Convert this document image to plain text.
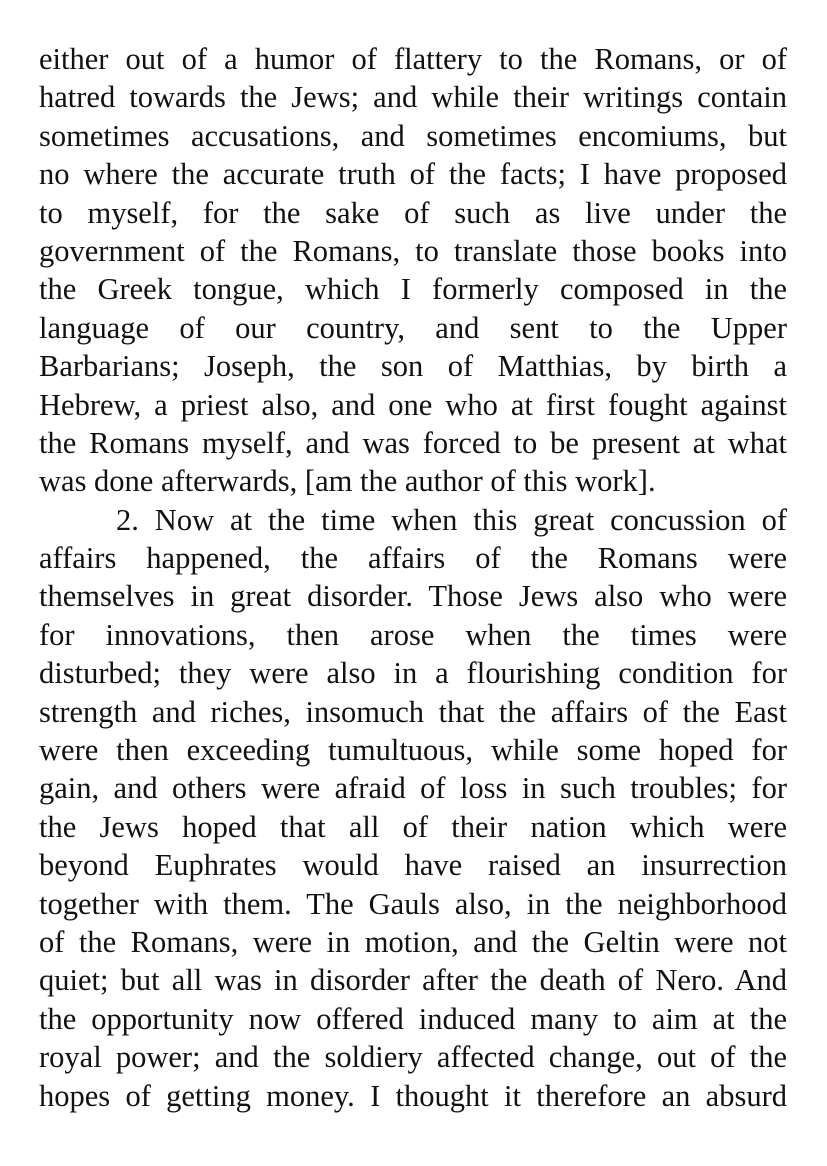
either out of a humor of flattery to the Romans, or of
hatred towards the Jews; and while their writings contain
sometimes accusations, and sometimes encomiums, but
no where the accurate truth of the facts; I have proposed
to myself, for the sake of such as live under the
government of the Romans, to translate those books into
the Greek tongue, which I formerly composed in the
language of our country, and sent to the Upper
Barbarians; Joseph, the son of Matthias, by birth a
Hebrew, a priest also, and one who at first fought against
the Romans myself, and was forced to be present at what
was done afterwards, [am the author of this work].
2. Now at the time when this great concussion of
affairs happened, the affairs of the Romans were
themselves in great disorder. Those Jews also who were
for innovations, then arose when the times were
disturbed; they were also in a flourishing condition for
strength and riches, insomuch that the affairs of the East
were then exceeding tumultuous, while some hoped for
gain, and others were afraid of loss in such troubles; for
the Jews hoped that all of their nation which were
beyond Euphrates would have raised an insurrection
together with them. The Gauls also, in the neighborhood
of the Romans, were in motion, and the Geltin were not
quiet; but all was in disorder after the death of Nero. And
the opportunity now offered induced many to aim at the
royal power; and the soldiery affected change, out of the
hopes of getting money. I thought it therefore an absurd
